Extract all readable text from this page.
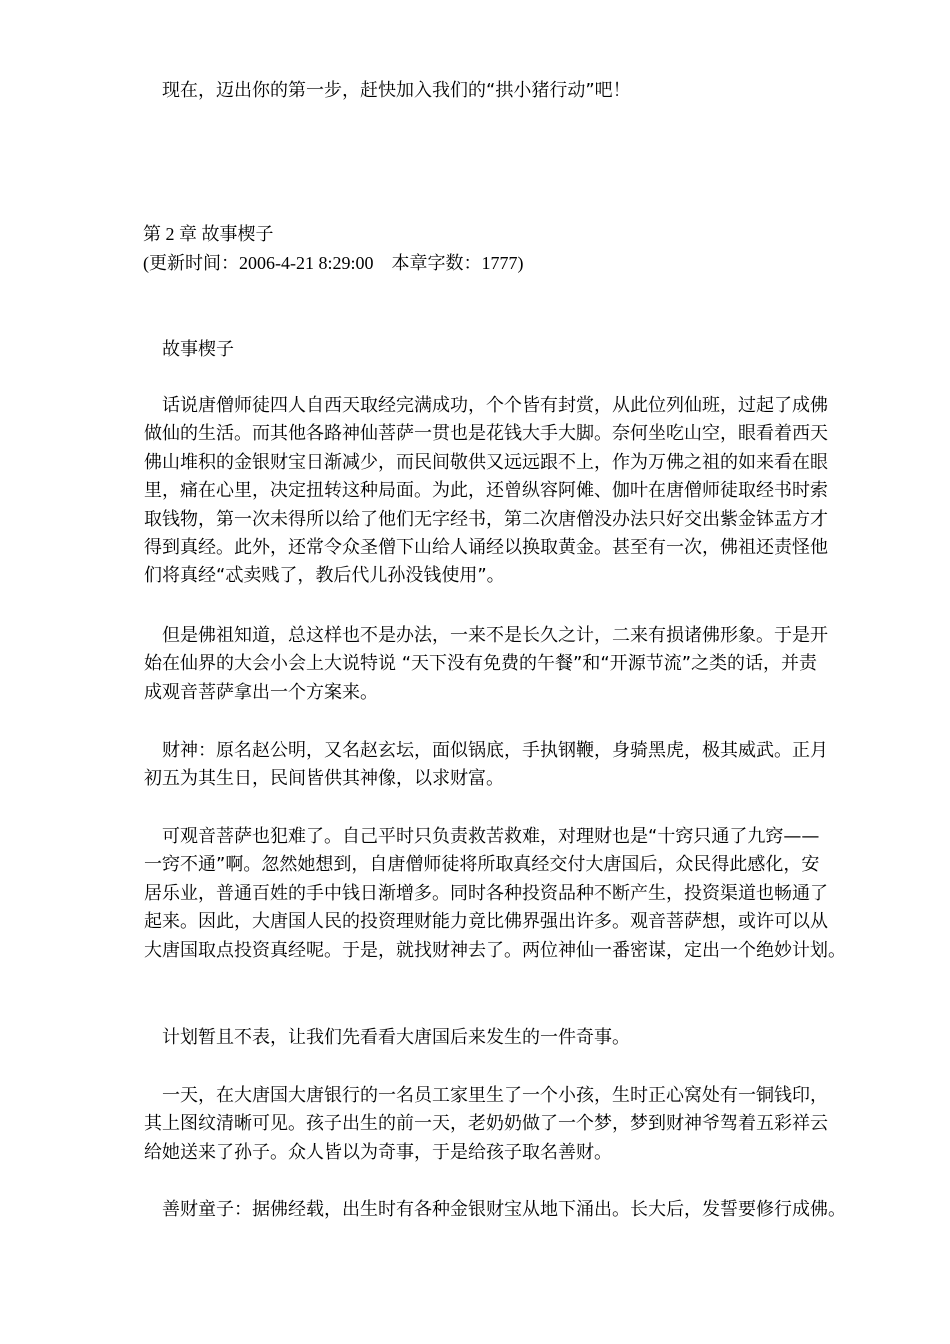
　现在，迈出你的第一步，赶快加入我们的“拱小猪行动”吧！
第 2 章 故事楔子
(更新时间：2006-4-21 8:29:00　本章字数：1777)
　故事楔子
　话说唐僧师徒四人自西天取经完满成功，个个皆有封赏，从此位列仙班，过起了成佛
做仙的生活。而其他各路神仙菩萨一贯也是花钱大手大脚。奈何坐吃山空，眼看着西天
佛山堆积的金银财宝日渐减少，而民间敬供又远远跟不上，作为万佛之祖的如来看在眼
里，痛在心里，决定扭转这种局面。为此，还曾纵容阿傩、伽叶在唐僧师徒取经书时索
取钱物，第一次未得所以给了他们无字经书，第二次唐僧没办法只好交出紫金钵盂方才
得到真经。此外，还常令众圣僧下山给人诵经以换取黄金。甚至有一次，佛祖还责怪他
们将真经“忒卖贱了，教后代儿孙没钱使用”。
　但是佛祖知道，总这样也不是办法，一来不是长久之计，二来有损诸佛形象。于是开
始在仙界的大会小会上大说特说 “天下没有免费的午餐”和“开源节流”之类的话，并责
成观音菩萨拿出一个方案来。
　财神：原名赵公明，又名赵玄坛，面似锅底，手执钢鞭，身骑黑虎，极其威武。正月
初五为其生日，民间皆供其神像，以求财富。
　可观音菩萨也犯难了。自己平时只负责救苦救难，对理财也是“十窍只通了九窍——
一窍不通”啊。忽然她想到，自唐僧师徒将所取真经交付大唐国后，众民得此感化，安
居乐业，普通百姓的手中钱日渐增多。同时各种投资品种不断产生，投资渠道也畅通了
起来。因此，大唐国人民的投资理财能力竟比佛界强出许多。观音菩萨想，或许可以从
大唐国取点投资真经呢。于是，就找财神去了。两位神仙一番密谋，定出一个绝妙计划。
　计划暂且不表，让我们先看看大唐国后来发生的一件奇事。
　一天，在大唐国大唐银行的一名员工家里生了一个小孩，生时正心窝处有一铜钱印，
其上图纹清晰可见。孩子出生的前一天，老奶奶做了一个梦，梦到财神爷驾着五彩祥云
给她送来了孙子。众人皆以为奇事，于是给孩子取名善财。
　善财童子：据佛经载，出生时有各种金银财宝从地下涌出。长大后，发誓要修行成佛。
